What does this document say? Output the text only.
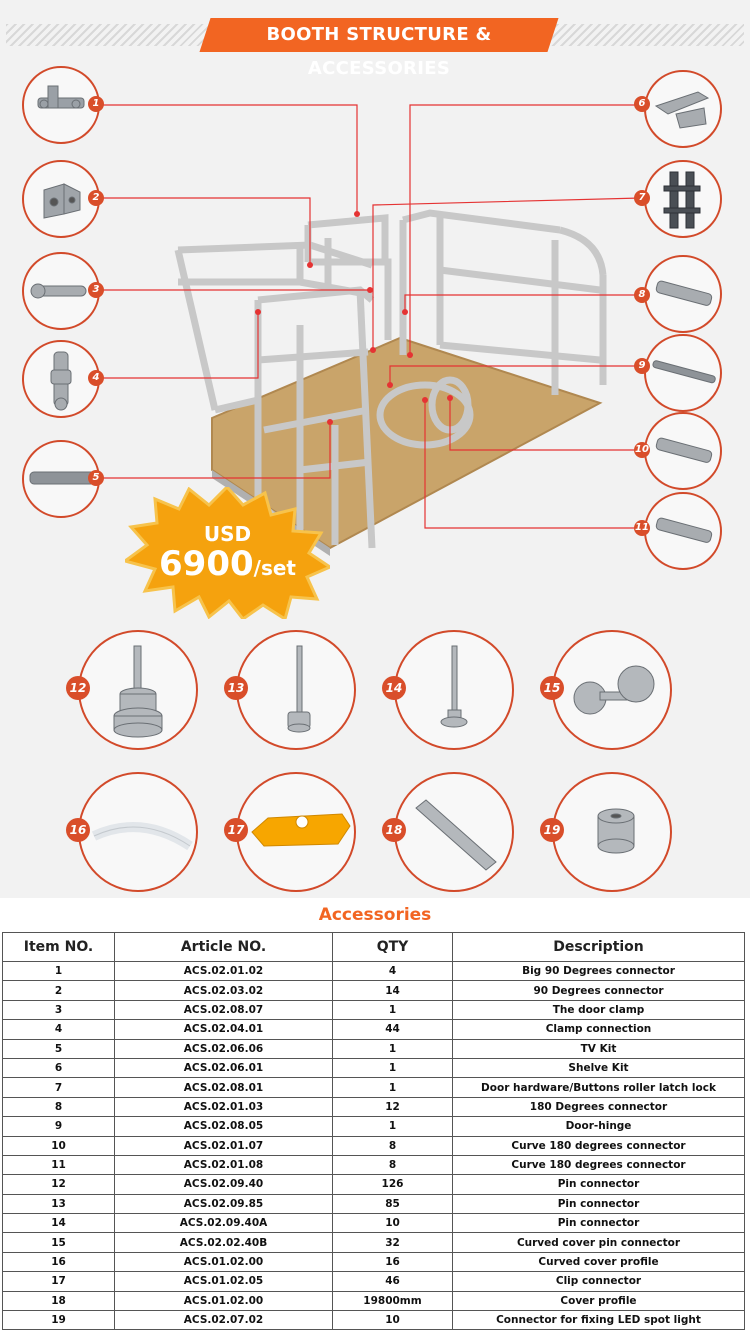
BOOTH STRUCTURE & ACCESSORIES
1
2
3
4
5
6
7
8
9
10
11
USD
6900/set
12	13	14	15
16	17	18	19
Accessories
Item NO.	Article NO.	QTY	Description
1	ACS.02.01.02	4	Big 90 Degrees connector
2	ACS.02.03.02	14	90 Degrees connector
3	ACS.02.08.07	1	The door clamp
4	ACS.02.04.01	44	Clamp connection
5	ACS.02.06.06	1	TV Kit
6	ACS.02.06.01	1	Shelve Kit
7	ACS.02.08.01	1	Door hardware/Buttons roller latch lock
8	ACS.02.01.03	12	180 Degrees connector
9	ACS.02.08.05	1	Door-hinge
10	ACS.02.01.07	8	Curve 180 degrees connector
11	ACS.02.01.08	8	Curve 180 degrees connector
12	ACS.02.09.40	126	Pin connector
13	ACS.02.09.85	85	Pin connector
14	ACS.02.09.40A	10	Pin connector
15	ACS.02.02.40B	32	Curved cover pin connector
16	ACS.01.02.00	16	Curved cover profile
17	ACS.01.02.05	46	Clip connector
18	ACS.01.02.00	19800mm	Cover profile
19	ACS.02.07.02	10	Connector for fixing LED spot light
